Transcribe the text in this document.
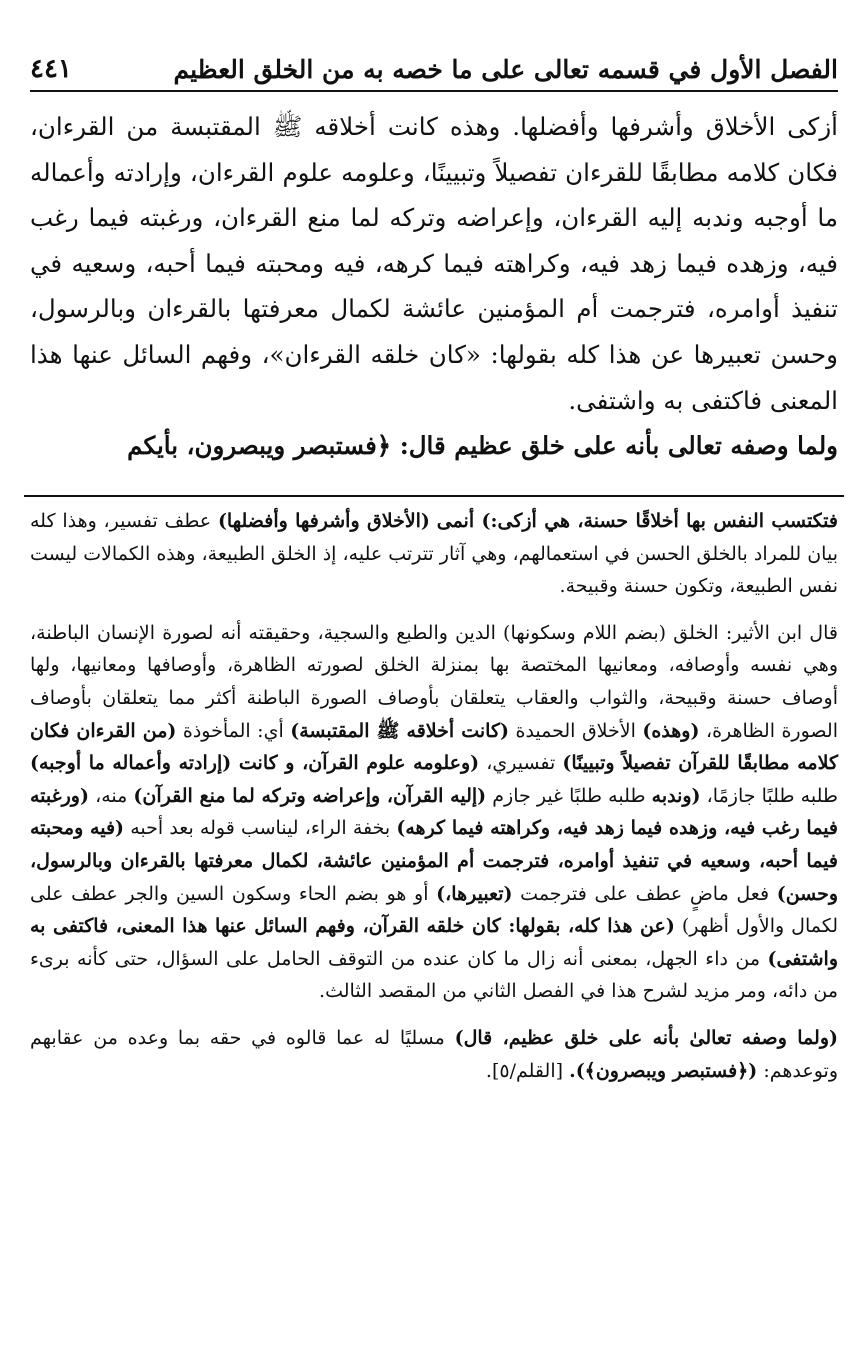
الفصل الأول في قسمه تعالى على ما خصه به من الخلق العظيم
٤٤١

أزكى الأخلاق وأشرفها وأفضلها. وهذه كانت أخلاقه ﷺ المقتبسة من القرءان، فكان كلامه مطابقًا للقرءان تفصيلاً وتبيينًا، وعلومه علوم القرءان، وإرادته وأعماله ما أوجبه وندبه إليه القرءان، وإعراضه وتركه لما منع القرءان، ورغبته فيما رغب فيه، وزهده فيما زهد فيه، وكراهته فيما كرهه، فيه ومحبته فيما أحبه، وسعيه في تنفيذ أوامره، فترجمت أم المؤمنين عائشة لكمال معرفتها بالقرءان وبالرسول، وحسن تعبيرها عن هذا كله بقولها: «كان خلقه القرءان»، وفهم السائل عنها هذا المعنى فاكتفى به واشتفى.

ولما وصفه تعالى بأنه على خلق عظيم قال: ﴿فستبصر ويبصرون، بأيكم

فتكتسب النفس بها أخلاقًا حسنة، هي أزكى:) أنمى (الأخلاق وأشرفها وأفضلها) عطف تفسير، وهذا كله بيان للمراد بالخلق الحسن في استعمالهم، وهي آثار تترتب عليه، إذ الخلق الطبيعة، وهذه الكمالات ليست نفس الطبيعة، وتكون حسنة وقبيحة.

قال ابن الأثير: الخلق (بضم اللام وسكونها) الدين والطبع والسجية، وحقيقته أنه لصورة الإنسان الباطنة، وهي نفسه وأوصافه، ومعانيها المختصة بها بمنزلة الخلق لصورته الظاهرة، وأوصافها ومعانيها، ولها أوصاف حسنة وقبيحة، والثواب والعقاب يتعلقان بأوصاف الصورة الباطنة أكثر مما يتعلقان بأوصاف الصورة الظاهرة، (وهذه) الأخلاق الحميدة (كانت أخلاقه ﷺ المقتبسة) أي: المأخوذة (من القرءان فكان كلامه مطابقًا للقرآن تفصيلاً وتبيينًا) تفسيري، (وعلومه علوم القرآن، و كانت (إرادته وأعماله ما أوجبه) طلبه طلبًا جازمًا، (وندبه طلبه طلبًا غير جازم (إليه القرآن، وإعراضه وتركه لما منع القرآن) منه، (ورغبته فيما رغب فيه، وزهده فيما زهد فيه، وكراهته فيما كرهه) بخفة الراء، ليناسب قوله بعد أحبه (فيه ومحبته فيما أحبه، وسعيه في تنفيذ أوامره، فترجمت أم المؤمنين عائشة، لكمال معرفتها بالقرءان وبالرسول، وحسن) فعل ماضٍ عطف على فترجمت (تعبيرها،) أو هو بضم الحاء وسكون السين والجر عطف على لكمال والأول أظهر) (عن هذا كله، بقولها: كان خلقه القرآن، وفهم السائل عنها هذا المعنى، فاكتفى به واشتفى) من داء الجهل، بمعنى أنه زال ما كان عنده من التوقف الحامل على السؤال، حتى كأنه برىء من دائه، ومر مزيد لشرح هذا في الفصل الثاني من المقصد الثالث.

(ولما وصفه تعالىٰ بأنه على خلق عظيم، قال) مسليًا له عما قالوه في حقه بما وعده من عقابهم وتوعدهم: (﴿فستبصر ويبصرون﴾). [القلم/٥].
